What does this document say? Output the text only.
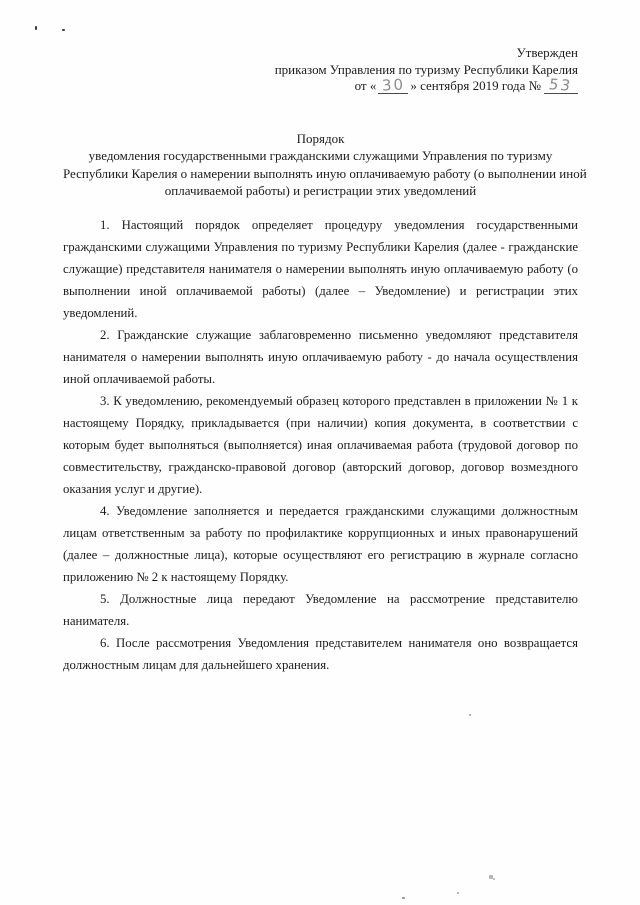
Утвержден
приказом Управления по туризму Республики Карелия
от « 30 » сентября 2019 года № 53
Порядок
уведомления государственными гражданскими служащими Управления по туризму
Республики Карелия о намерении выполнять иную оплачиваемую работу (о выполнении иной
оплачиваемой работы) и регистрации этих уведомлений

1. Настоящий порядок определяет процедуру уведомления государственными гражданскими служащими Управления по туризму Республики Карелия (далее - гражданские служащие) представителя нанимателя о намерении выполнять иную оплачиваемую работу (о выполнении иной оплачиваемой работы) (далее – Уведомление) и регистрации этих уведомлений.

2. Гражданские служащие заблаговременно письменно уведомляют представителя нанимателя о намерении выполнять иную оплачиваемую работу - до начала осуществления иной оплачиваемой работы.

3. К уведомлению, рекомендуемый образец которого представлен в приложении № 1 к настоящему Порядку, прикладывается (при наличии) копия документа, в соответствии с которым будет выполняться (выполняется) иная оплачиваемая работа (трудовой договор по совместительству, гражданско-правовой договор (авторский договор, договор возмездного оказания услуг и другие).

4. Уведомление заполняется и передается гражданскими служащими должностным лицам ответственным за работу по профилактике коррупционных и иных правонарушений (далее – должностные лица), которые осуществляют его регистрацию в журнале согласно приложению № 2 к настоящему Порядку.

5. Должностные лица передают Уведомление на рассмотрение представителю нанимателя.

6. После рассмотрения Уведомления представителем нанимателя оно возвращается должностным лицам для дальнейшего хранения.
